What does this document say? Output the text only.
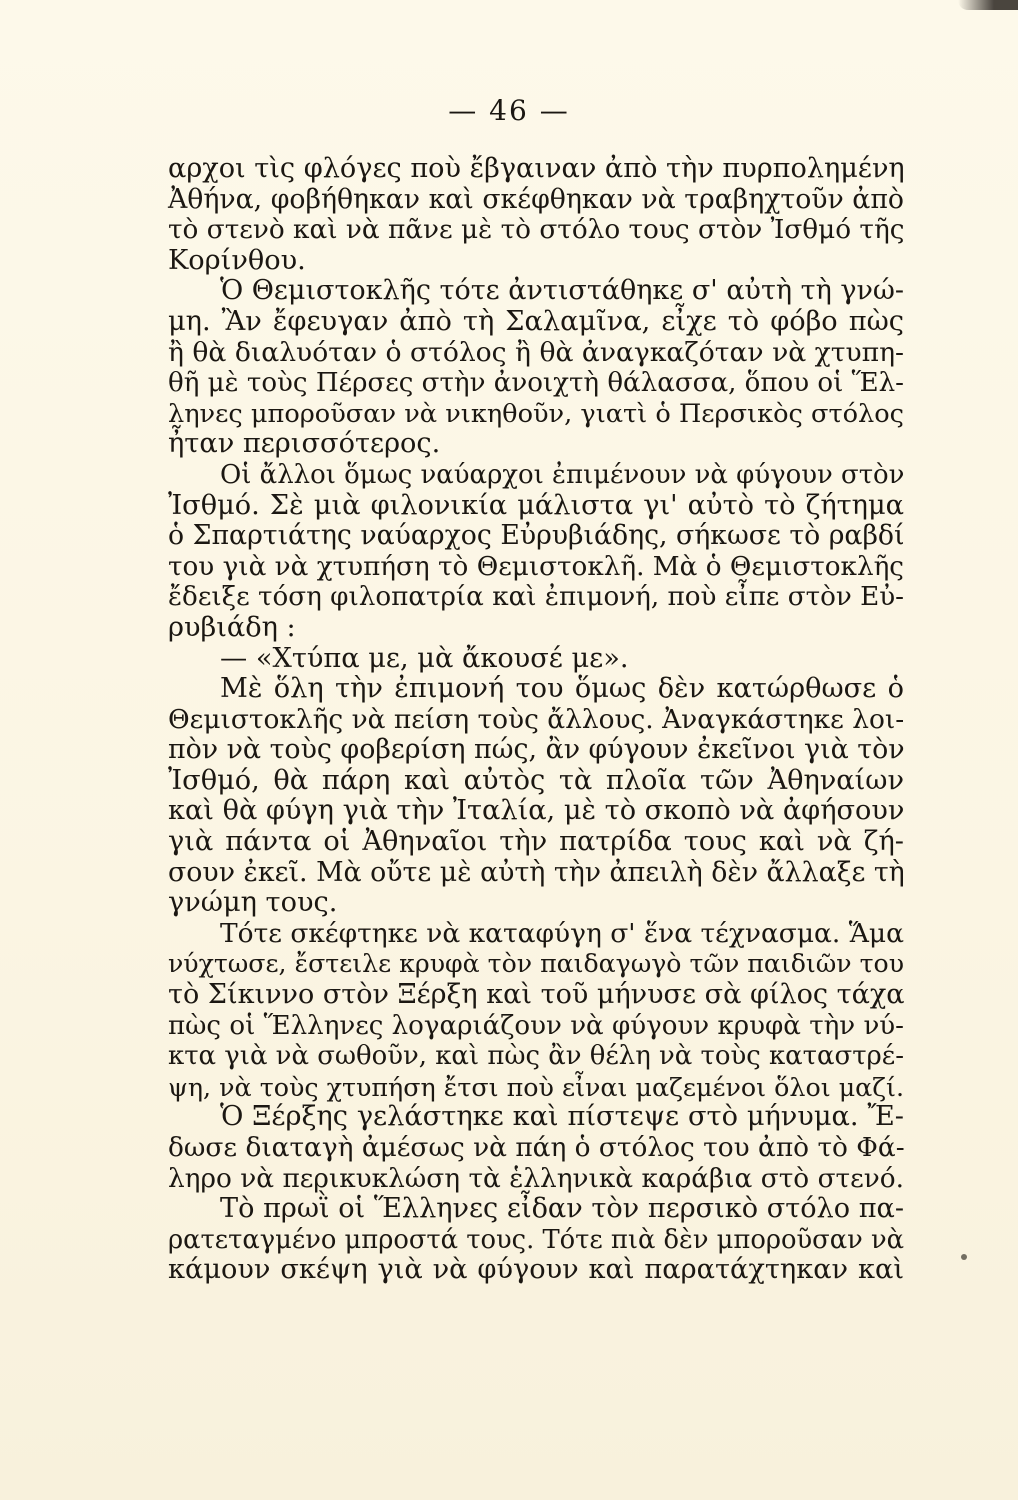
— 46 —
αρχοι τὶς φλόγες ποὺ ἔβγαιναν ἀπὸ τὴν πυρπολημένη
Ἀθήνα, φοβήθηκαν καὶ σκέφθηκαν νὰ τραβηχτοῦν ἀπὸ
τὸ στενὸ καὶ νὰ πᾶνε μὲ τὸ στόλο τους στὸν Ἰσθμό τῆς
Κορίνθου.
Ὁ Θεμιστοκλῆς τότε ἀντιστάθηκε σ' αὐτὴ τὴ γνώ-
μη. Ἂν ἔφευγαν ἀπὸ τὴ Σαλαμῖνα, εἶχε τὸ φόβο πὼς
ἢ θὰ διαλυόταν ὁ στόλος ἢ θὰ ἀναγκαζόταν νὰ χτυπη-
θῆ μὲ τοὺς Πέρσες στὴν ἀνοιχτὴ θάλασσα, ὅπου οἱ Ἕλ-
ληνες μποροῦσαν νὰ νικηθοῦν, γιατὶ ὁ Περσικὸς στόλος
ἦταν περισσότερος.
Οἱ ἄλλοι ὅμως ναύαρχοι ἐπιμένουν νὰ φύγουν στὸν
Ἰσθμό. Σὲ μιὰ φιλονικία μάλιστα γι' αὐτὸ τὸ ζήτημα
ὁ Σπαρτιάτης ναύαρχος Εὐρυβιάδης, σήκωσε τὸ ραβδί
του γιὰ νὰ χτυπήση τὸ Θεμιστοκλῆ. Μὰ ὁ Θεμιστοκλῆς
ἔδειξε τόση φιλοπατρία καὶ ἐπιμονή, ποὺ εἶπε στὸν Εὐ-
ρυβιάδη :
— «Χτύπα με, μὰ ἄκουσέ με».
Μὲ ὅλη τὴν ἐπιμονή του ὅμως δὲν κατώρθωσε ὁ
Θεμιστοκλῆς νὰ πείση τοὺς ἄλλους. Ἀναγκάστηκε λοι-
πὸν νὰ τοὺς φοβερίση πώς, ἂν φύγουν ἐκεῖνοι γιὰ τὸν
Ἰσθμό, θὰ πάρη καὶ αὐτὸς τὰ πλοῖα τῶν Ἀθηναίων
καὶ θὰ φύγη γιὰ τὴν Ἰταλία, μὲ τὸ σκοπὸ νὰ ἀφήσουν
γιὰ πάντα οἱ Ἀθηναῖοι τὴν πατρίδα τους καὶ νὰ ζή-
σουν ἐκεῖ. Μὰ οὔτε μὲ αὐτὴ τὴν ἀπειλὴ δὲν ἄλλαξε τὴ
γνώμη τους.
Τότε σκέφτηκε νὰ καταφύγη σ' ἕνα τέχνασμα. Ἅμα
νύχτωσε, ἔστειλε κρυφὰ τὸν παιδαγωγὸ τῶν παιδιῶν του
τὸ Σίκιννο στὸν Ξέρξη καὶ τοῦ μήνυσε σὰ φίλος τάχα
πὼς οἱ Ἕλληνες λογαριάζουν νὰ φύγουν κρυφὰ τὴν νύ-
κτα γιὰ νὰ σωθοῦν, καὶ πὼς ἂν θέλη νὰ τοὺς καταστρέ-
ψη, νὰ τοὺς χτυπήση ἔτσι ποὺ εἶναι μαζεμένοι ὅλοι μαζί.
Ὁ Ξέρξης γελάστηκε καὶ πίστεψε στὸ μήνυμα. Ἔ-
δωσε διαταγὴ ἀμέσως νὰ πάη ὁ στόλος του ἀπὸ τὸ Φά-
ληρο νὰ περικυκλώση τὰ ἑλληνικὰ καράβια στὸ στενό.
Τὸ πρωῒ οἱ Ἕλληνες εἶδαν τὸν περσικὸ στόλο πα-
ρατεταγμένο μπροστά τους. Τότε πιὰ δὲν μποροῦσαν νὰ
κάμουν σκέψη γιὰ νὰ φύγουν καὶ παρατάχτηκαν καὶ
